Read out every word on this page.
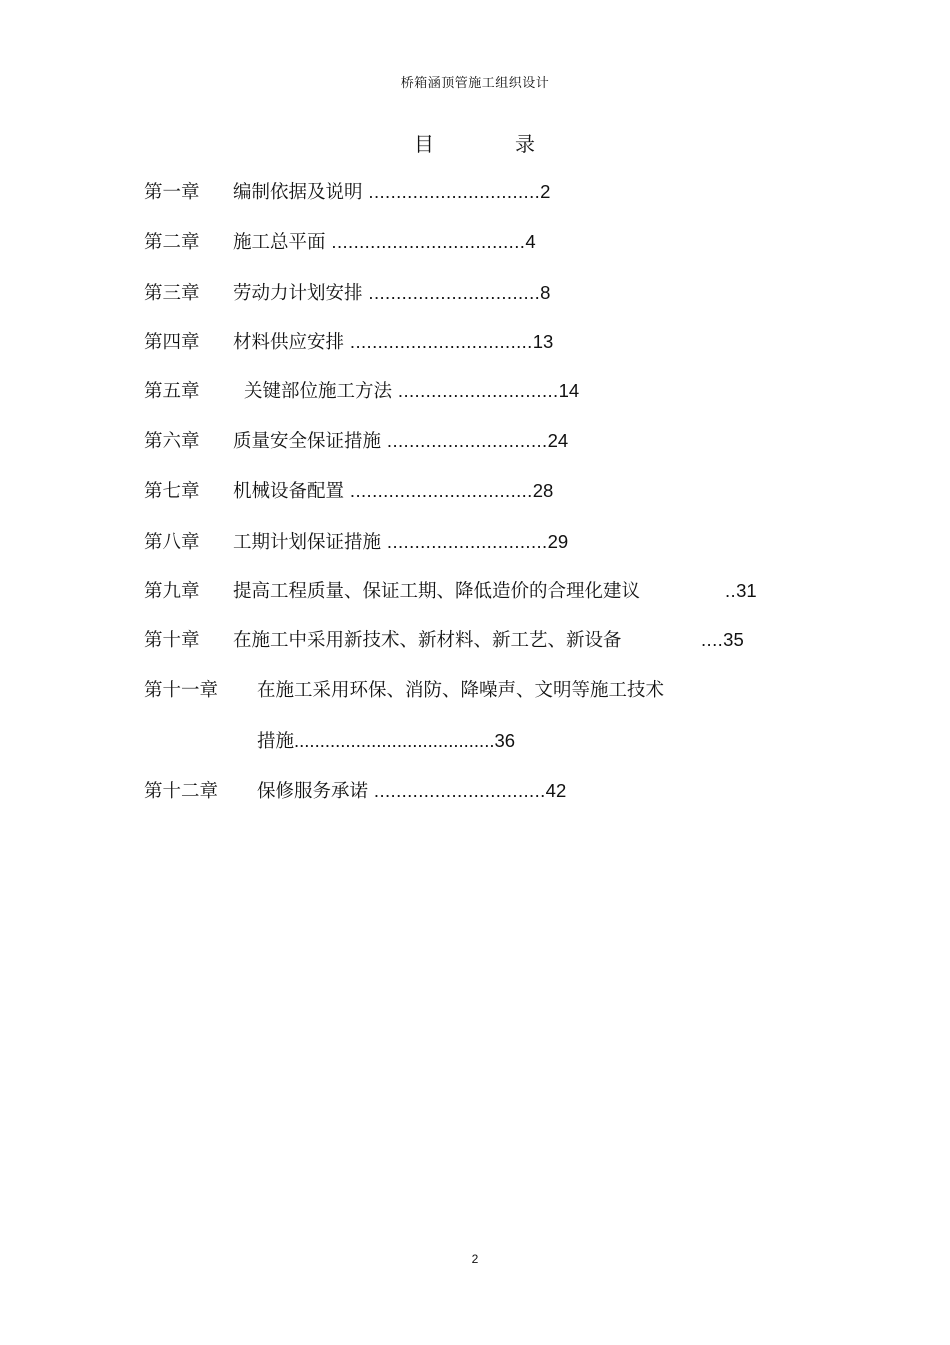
桥箱涵顶管施工组织设计
目	录
第一章 编制依据及说明 ...............................2
第二章 施工总平面 ...................................4
第三章 劳动力计划安排 ...............................8
第四章 材料供应安排 .................................13
第五章 关键部位施工方法 .............................14
第六章 质量安全保证措施 .............................24
第七章 机械设备配置 .................................28
第八章 工期计划保证措施 .............................29
第九章 提高工程质量、保证工期、降低造价的合理化建议	..31
第十章 在施工中采用新技术、新材料、新工艺、新设备	....35
第十一章 在施工采用环保、消防、降噪声、文明等施工技术
措施.......................................36
第十二章 保修服务承诺 ...............................42
2
